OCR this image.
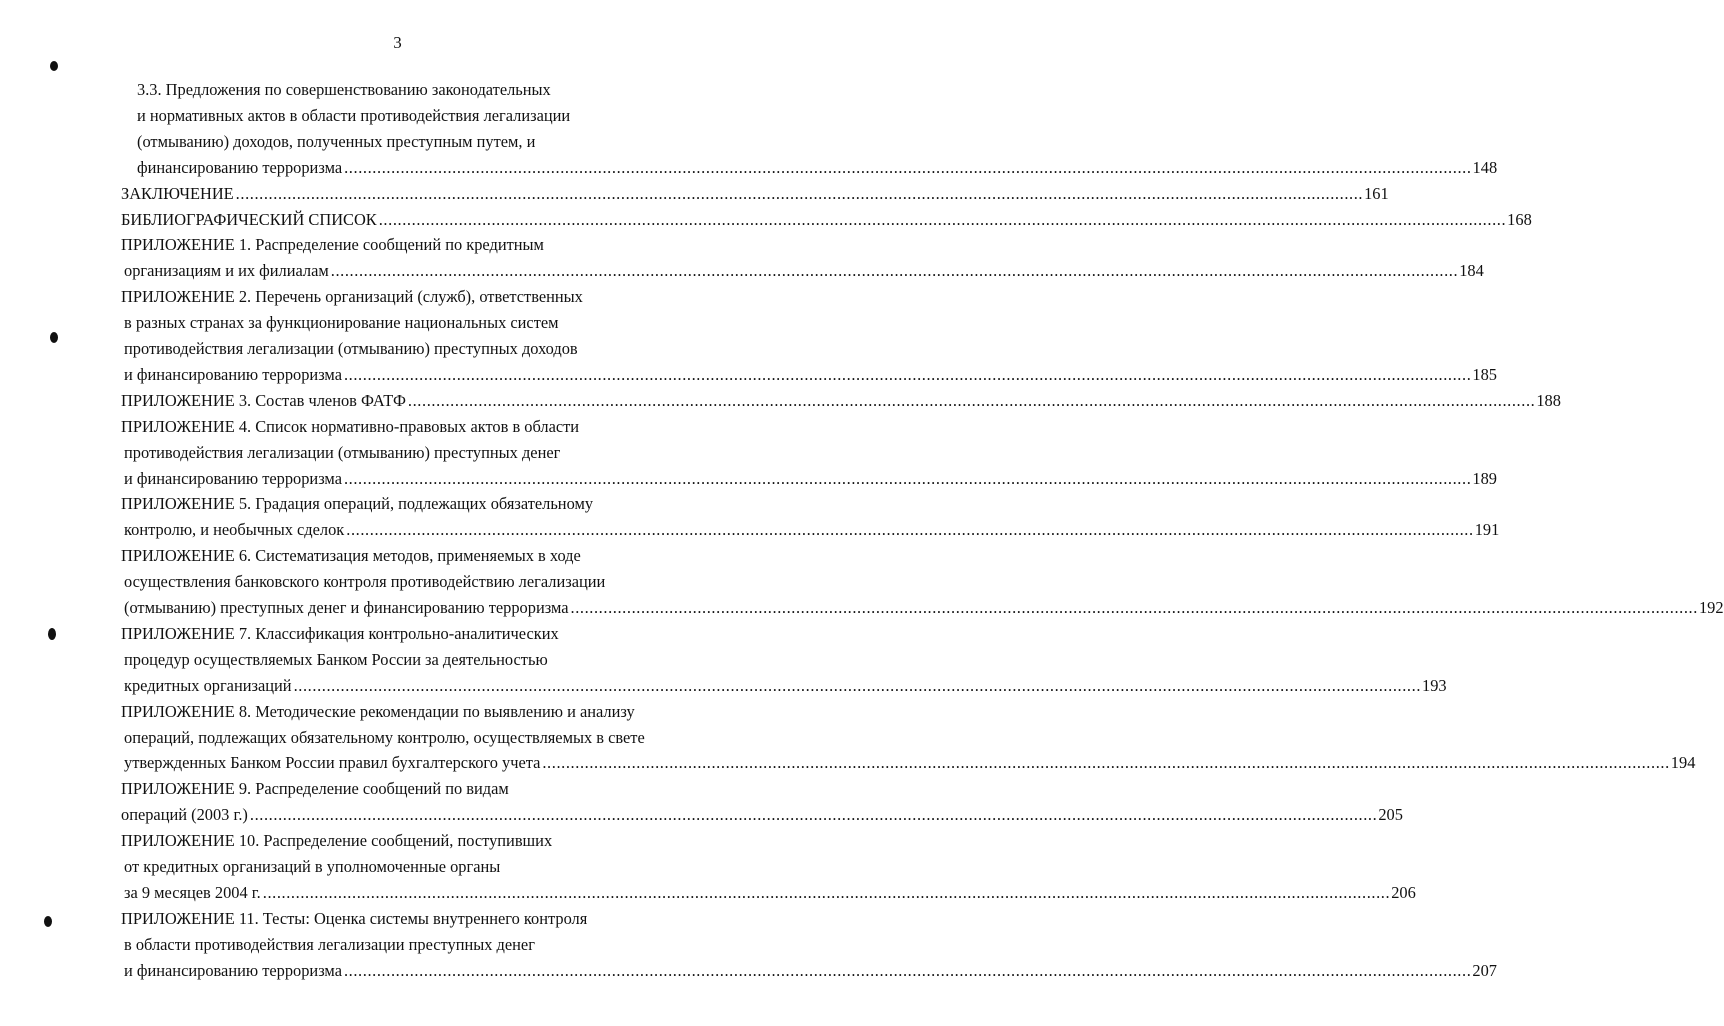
3
3.3. Предложения по совершенствованию законодательных
и нормативных актов в области противодействия легализации
(отмыванию) доходов, полученных преступным путем, и
финансированию терроризма ................................................................................................................................................................................................................................................ 148
ЗАКЛЮЧЕНИЕ ................................................................................................................................................................................................................................................ 161
БИБЛИОГРАФИЧЕСКИЙ СПИСОК ................................................................................................................................................................................................................................................ 168
ПРИЛОЖЕНИЕ 1. Распределение сообщений по кредитным
организациям и их филиалам ................................................................................................................................................................................................................................................ 184
ПРИЛОЖЕНИЕ 2. Перечень организаций (служб), ответственных
в разных странах за функционирование национальных систем
противодействия легализации (отмыванию) преступных доходов
и финансированию терроризма ................................................................................................................................................................................................................................................ 185
ПРИЛОЖЕНИЕ 3. Состав членов ФАТФ ................................................................................................................................................................................................................................................ 188
ПРИЛОЖЕНИЕ 4. Список нормативно-правовых актов в области
противодействия легализации (отмыванию) преступных денег
и финансированию терроризма ................................................................................................................................................................................................................................................ 189
ПРИЛОЖЕНИЕ 5. Градация операций, подлежащих обязательному
контролю, и необычных сделок ................................................................................................................................................................................................................................................ 191
ПРИЛОЖЕНИЕ 6. Систематизация методов, применяемых в ходе
осуществления банковского контроля противодействию легализации
(отмыванию) преступных денег и финансированию терроризма ................................................................................................................................................................................................................................................ 192
ПРИЛОЖЕНИЕ 7. Классификация контрольно-аналитических
процедур осуществляемых Банком России за деятельностью
кредитных организаций ................................................................................................................................................................................................................................................ 193
ПРИЛОЖЕНИЕ 8. Методические рекомендации по выявлению и анализу
операций, подлежащих обязательному контролю, осуществляемых в свете
утвержденных Банком России правил бухгалтерского учета ................................................................................................................................................................................................................................................ 194
ПРИЛОЖЕНИЕ 9. Распределение сообщений по видам
операций (2003 г.) ................................................................................................................................................................................................................................................ 205
ПРИЛОЖЕНИЕ 10. Распределение сообщений, поступивших
от кредитных организаций в уполномоченные органы
за 9 месяцев 2004 г. ................................................................................................................................................................................................................................................ 206
ПРИЛОЖЕНИЕ 11. Тесты: Оценка системы внутреннего контроля
в области противодействия легализации преступных денег
и финансированию терроризма ................................................................................................................................................................................................................................................ 207
